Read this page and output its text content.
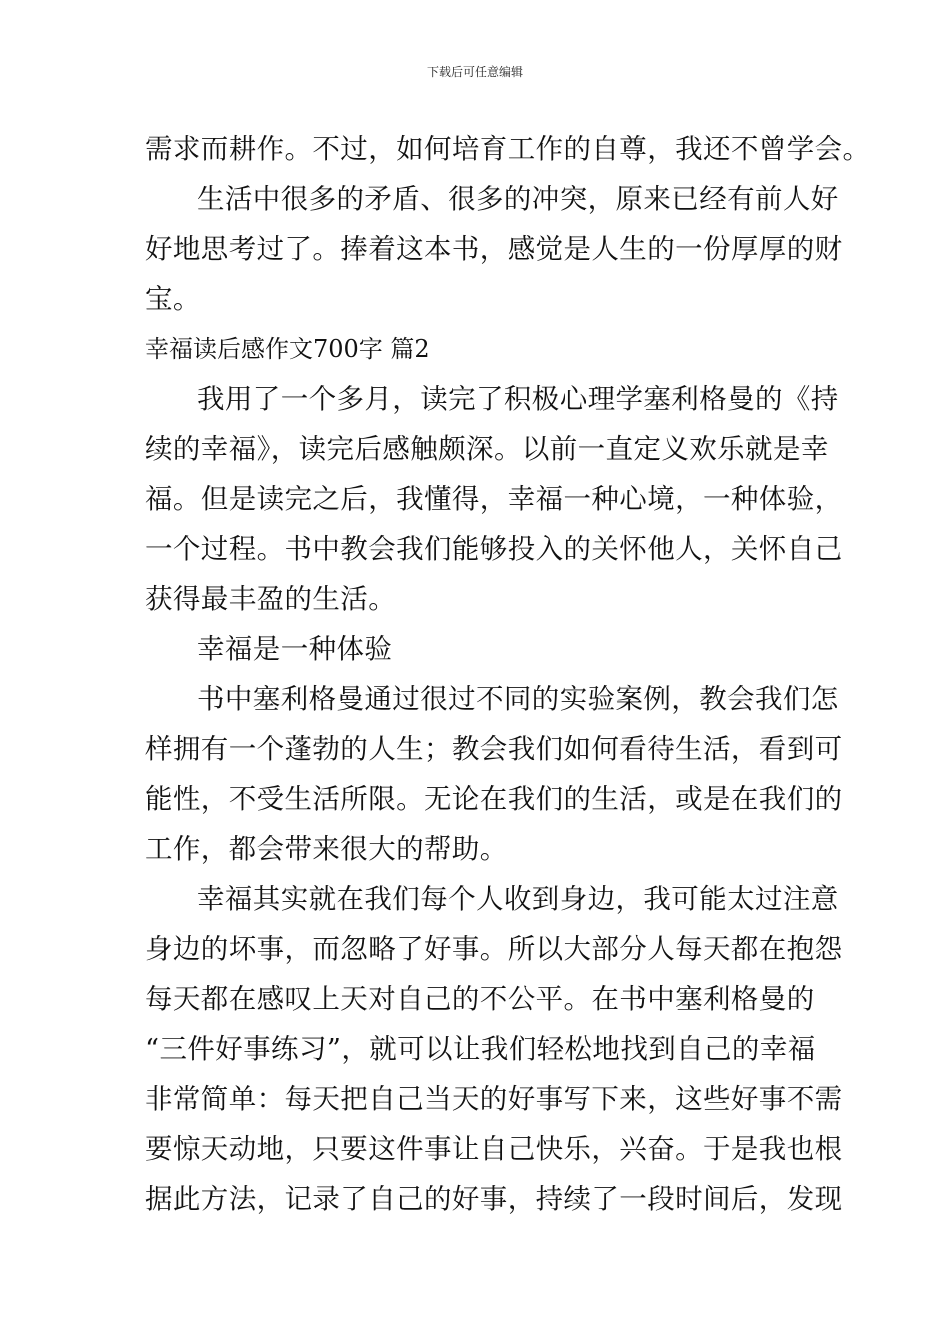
下载后可任意编辑
需求而耕作。不过，如何培育工作的自尊，我还不曾学会。
生活中很多的矛盾、很多的冲突，原来已经有前人好
好地思考过了。捧着这本书，感觉是人生的一份厚厚的财
宝。
幸福读后感作文700字 篇2
我用了一个多月，读完了积极心理学塞利格曼的《持
续的幸福》，读完后感触颇深。以前一直定义欢乐就是幸
福。但是读完之后，我懂得，幸福一种心境，一种体验，
一个过程。书中教会我们能够投入的关怀他人，关怀自己
获得最丰盈的生活。
幸福是一种体验
书中塞利格曼通过很过不同的实验案例，教会我们怎
样拥有一个蓬勃的人生；教会我们如何看待生活，看到可
能性，不受生活所限。无论在我们的生活，或是在我们的
工作，都会带来很大的帮助。
幸福其实就在我们每个人收到身边，我可能太过注意
身边的坏事，而忽略了好事。所以大部分人每天都在抱怨
每天都在感叹上天对自己的不公平。在书中塞利格曼的
“三件好事练习”，就可以让我们轻松地找到自己的幸福
非常简单：每天把自己当天的好事写下来，这些好事不需
要惊天动地，只要这件事让自己快乐，兴奋。于是我也根
据此方法，记录了自己的好事，持续了一段时间后，发现
